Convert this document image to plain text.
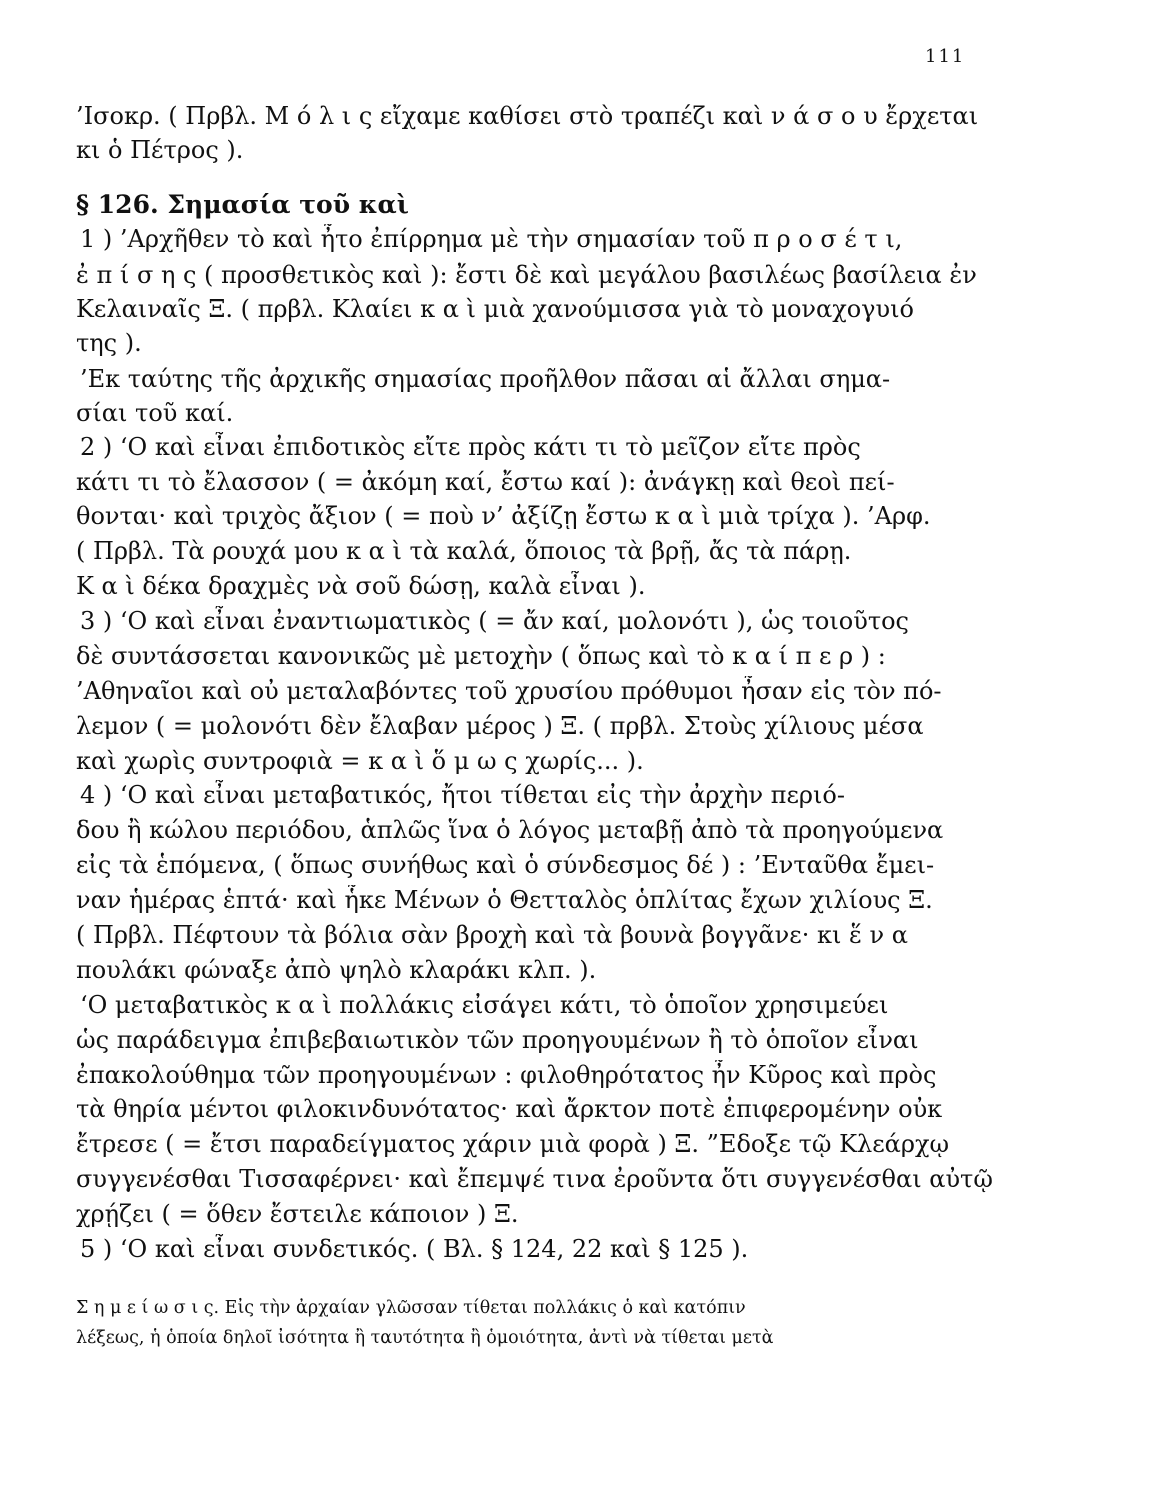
111
’Ισοκρ. ( Πρβλ. Μ ό λ ι ς εἴχαμε καθίσει στὸ τραπέζι καὶ ν ά σ ο υ ἔρχεται
κι ὁ Πέτρος ).
§ 126. Σημασία τοῦ καὶ
1 ) ’Αρχῆθεν τὸ καὶ ἦτο ἐπίρρημα μὲ τὴν σημασίαν τοῦ π ρ ο σ έ τ ι,
ἐ π ί σ η ς ( προσθετικὸς καὶ ): ἔστι δὲ καὶ μεγάλου βασιλέως βασίλεια ἐν
Κελαιναῖς Ξ. ( πρβλ. Κλαίει κ α ὶ μιὰ χανούμισσα γιὰ τὸ μοναχογυιό
της ).
’Εκ ταύτης τῆς ἀρχικῆς σημασίας προῆλθον πᾶσαι αἱ ἄλλαι σημα-
σίαι τοῦ καί.
2 ) ‘Ο καὶ εἶναι ἐπιδοτικὸς εἴτε πρὸς κάτι τι τὸ μεῖζον εἴτε πρὸς
κάτι τι τὸ ἔλασσον ( = ἀκόμη καί, ἔστω καί ): ἀνάγκῃ καὶ θεοὶ πεί-
θονται· καὶ τριχὸς ἄξιον ( = ποὺ ν’ ἀξίζῃ ἔστω κ α ὶ μιὰ τρίχα ). ’Αρφ.
( Πρβλ. Τὰ ρουχά μου κ α ὶ τὰ καλά, ὅποιος τὰ βρῇ, ἄς τὰ πάρῃ.
Κ α ὶ δέκα δραχμὲς νὰ σοῦ δώσῃ, καλὰ εἶναι ).
3 ) ‘Ο καὶ εἶναι ἐναντιωματικὸς ( = ἄν καί, μολονότι ), ὡς τοιοῦτος
δὲ συντάσσεται κανονικῶς μὲ μετοχὴν ( ὅπως καὶ τὸ κ α ί π ε ρ ) :
’Αθηναῖοι καὶ οὐ μεταλαβόντες τοῦ χρυσίου πρόθυμοι ἦσαν εἰς τὸν πό-
λεμον ( = μολονότι δὲν ἔλαβαν μέρος ) Ξ. ( πρβλ. Στοὺς χίλιους μέσα
καὶ χωρὶς συντροφιὰ = κ α ὶ ὅ μ ω ς χωρίς... ).
4 ) ‘Ο καὶ εἶναι μεταβατικός, ἤτοι τίθεται εἰς τὴν ἀρχὴν περιό-
δου ἢ κώλου περιόδου, ἁπλῶς ἵνα ὁ λόγος μεταβῇ ἀπὸ τὰ προηγούμενα
εἰς τὰ ἑπόμενα, ( ὅπως συνήθως καὶ ὁ σύνδεσμος δέ ) : ’Ενταῦθα ἔμει-
ναν ἡμέρας ἑπτά· καὶ ἧκε Μένων ὁ Θετταλὸς ὁπλίτας ἔχων χιλίους Ξ.
( Πρβλ. Πέφτουν τὰ βόλια σὰν βροχὴ καὶ τὰ βουνὰ βογγᾶνε· κι ἕ ν α
πουλάκι φώναξε ἀπὸ ψηλὸ κλαράκι κλπ. ).
‘Ο μεταβατικὸς κ α ὶ πολλάκις εἰσάγει κάτι, τὸ ὁποῖον χρησιμεύει
ὡς παράδειγμα ἐπιβεβαιωτικὸν τῶν προηγουμένων ἢ τὸ ὁποῖον εἶναι
ἐπακολούθημα τῶν προηγουμένων : φιλοθηρότατος ἦν Κῦρος καὶ πρὸς
τὰ θηρία μέντοι φιλοκινδυνότατος· καὶ ἄρκτον ποτὲ ἐπιφερομένην οὐκ
ἔτρεσε ( = ἔτσι παραδείγματος χάριν μιὰ φορὰ ) Ξ. ”Εδοξε τῷ Κλεάρχῳ
συγγενέσθαι Τισσαφέρνει· καὶ ἔπεμψέ τινα ἐροῦντα ὅτι συγγενέσθαι αὐτῷ
χρῄζει ( = ὅθεν ἔστειλε κάποιον ) Ξ.
5 ) ‘Ο καὶ εἶναι συνδετικός. ( Βλ. § 124, 22 καὶ § 125 ).
Σ η μ ε ί ω σ ι ς. Εἰς τὴν ἀρχαίαν γλῶσσαν τίθεται πολλάκις ὁ καὶ κατόπιν
λέξεως, ἡ ὁποία δηλοῖ ἰσότητα ἢ ταυτότητα ἢ ὁμοιότητα, ἀντὶ νὰ τίθεται μετὰ
